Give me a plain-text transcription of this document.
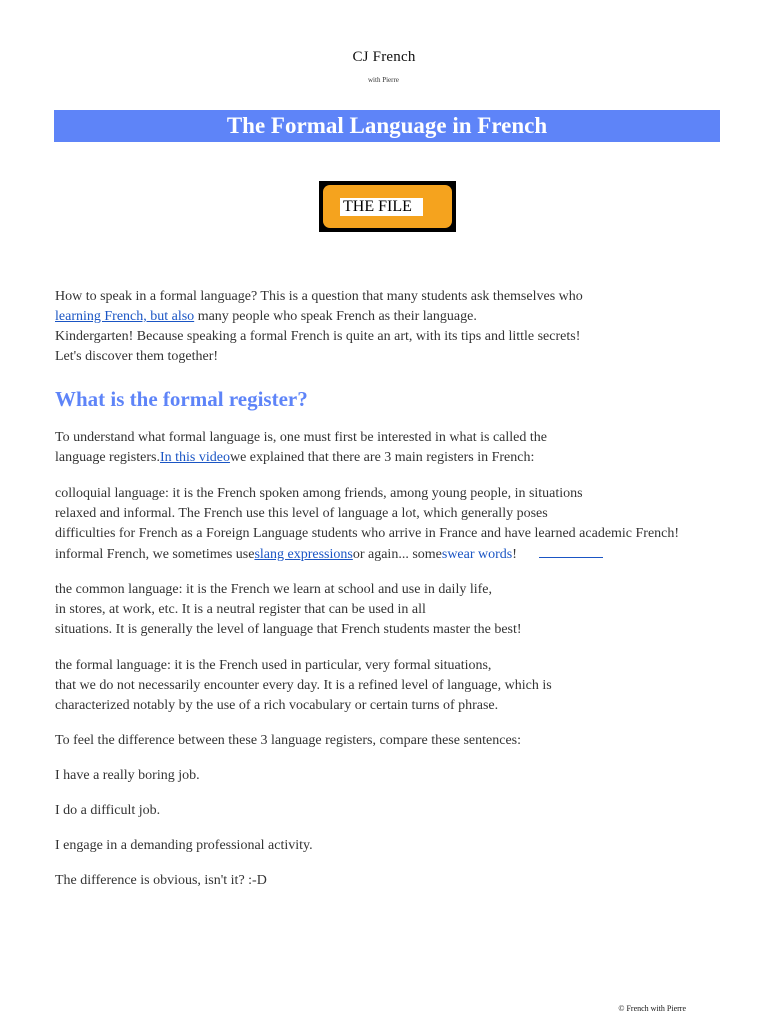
CJ French
with Pierre
The Formal Language in French
THE FILE
How to speak in a formal language? This is a question that many students ask themselves who
learning French, but also many people who speak French as their language.
Kindergarten! Because speaking a formal French is quite an art, with its tips and little secrets!
Let's discover them together!
What is the formal register?
To understand what formal language is, one must first be interested in what is called the
language registers.In this videowe explained that there are 3 main registers in French:
colloquial language: it is the French spoken among friends, among young people, in situations
relaxed and informal. The French use this level of language a lot, which generally poses
difficulties for French as a Foreign Language students who arrive in France and have learned academic French!
informal French, we sometimes useslang expressionsor again... someswear words!
the common language: it is the French we learn at school and use in daily life,
in stores, at work, etc. It is a neutral register that can be used in all
situations. It is generally the level of language that French students master the best!
the formal language: it is the French used in particular, very formal situations,
that we do not necessarily encounter every day. It is a refined level of language, which is
characterized notably by the use of a rich vocabulary or certain turns of phrase.
To feel the difference between these 3 language registers, compare these sentences:
I have a really boring job.
I do a difficult job.
I engage in a demanding professional activity.
The difference is obvious, isn't it? :-D
© French with Pierre
